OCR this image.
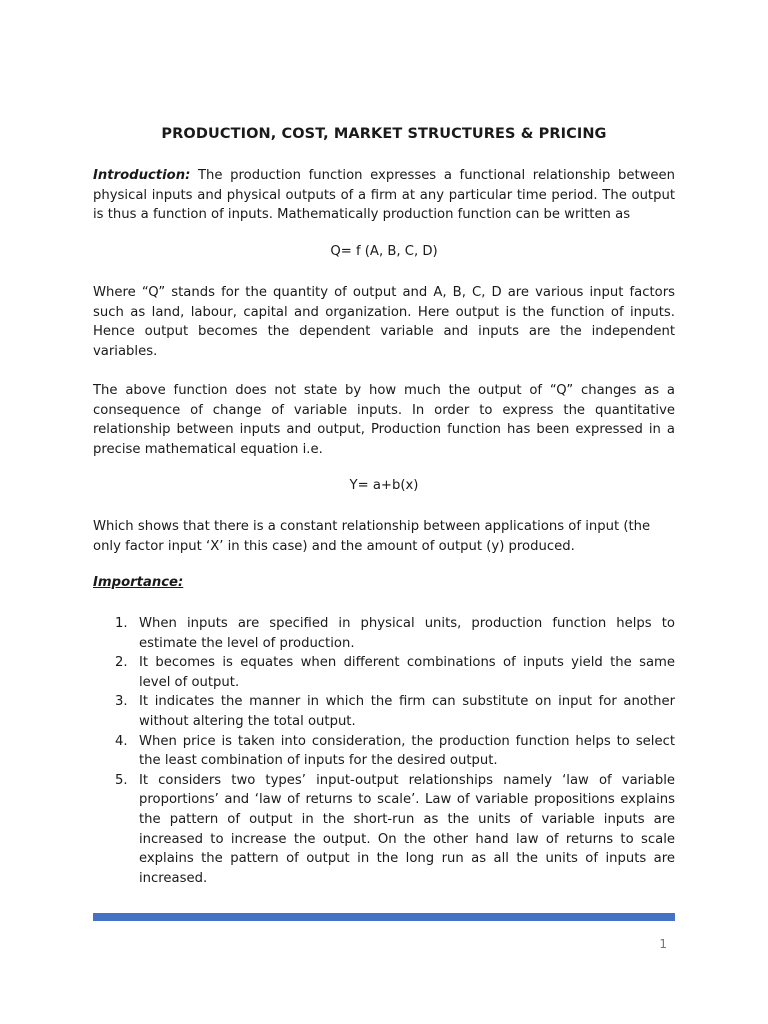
PRODUCTION, COST, MARKET STRUCTURES & PRICING

Introduction: The production function expresses a functional relationship between physical inputs and physical outputs of a firm at any particular time period. The output is thus a function of inputs. Mathematically production function can be written as

Q= f (A, B, C, D)

Where “Q” stands for the quantity of output and A, B, C, D are various input factors such as land, labour, capital and organization. Here output is the function of inputs. Hence output becomes the dependent variable and inputs are the independent variables.

The above function does not state by how much the output of “Q” changes as a consequence of change of variable inputs. In order to express the quantitative relationship between inputs and output, Production function has been expressed in a precise mathematical equation i.e.

Y= a+b(x)

Which shows that there is a constant relationship between applications of input (the only factor input ‘X’ in this case) and the amount of output (y) produced.

Importance:
1. When inputs are specified in physical units, production function helps to estimate the level of production.
2. It becomes is equates when different combinations of inputs yield the same level of output.
3. It indicates the manner in which the firm can substitute on input for another without altering the total output.
4. When price is taken into consideration, the production function helps to select the least combination of inputs for the desired output.
5. It considers two types’ input-output relationships namely ‘law of variable proportions’ and ‘law of returns to scale’. Law of variable propositions explains the pattern of output in the short-run as the units of variable inputs are increased to increase the output. On the other hand law of returns to scale explains the pattern of output in the long run as all the units of inputs are increased.
1
